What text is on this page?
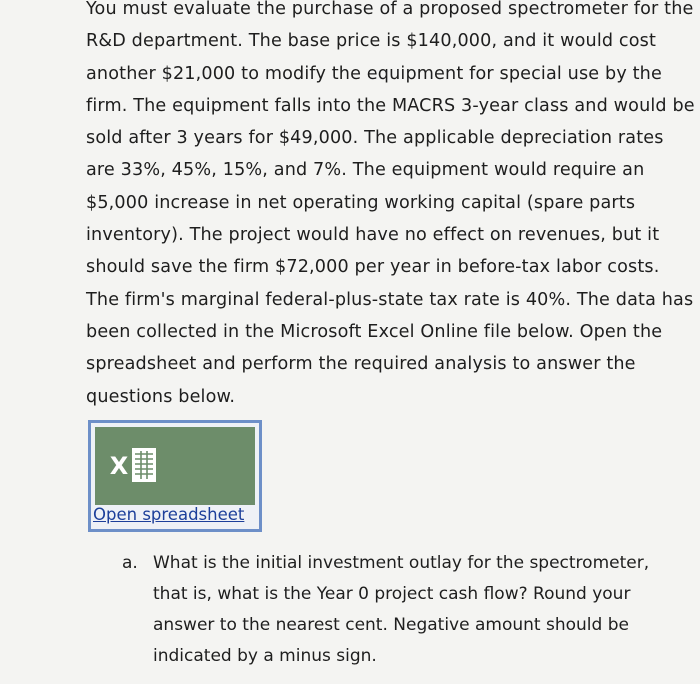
You must evaluate the purchase of a proposed spectrometer for the R&D department. The base price is $140,000, and it would cost another $21,000 to modify the equipment for special use by the firm. The equipment falls into the MACRS 3-year class and would be sold after 3 years for $49,000. The applicable depreciation rates are 33%, 45%, 15%, and 7%. The equipment would require an $5,000 increase in net operating working capital (spare parts inventory). The project would have no effect on revenues, but it should save the firm $72,000 per year in before-tax labor costs. The firm's marginal federal-plus-state tax rate is 40%. The data has been collected in the Microsoft Excel Online file below. Open the spreadsheet and perform the required analysis to answer the questions below.

X
Open spreadsheet
a. What is the initial investment outlay for the spectrometer, that is, what is the Year 0 project cash flow? Round your answer to the nearest cent. Negative amount should be indicated by a minus sign.
